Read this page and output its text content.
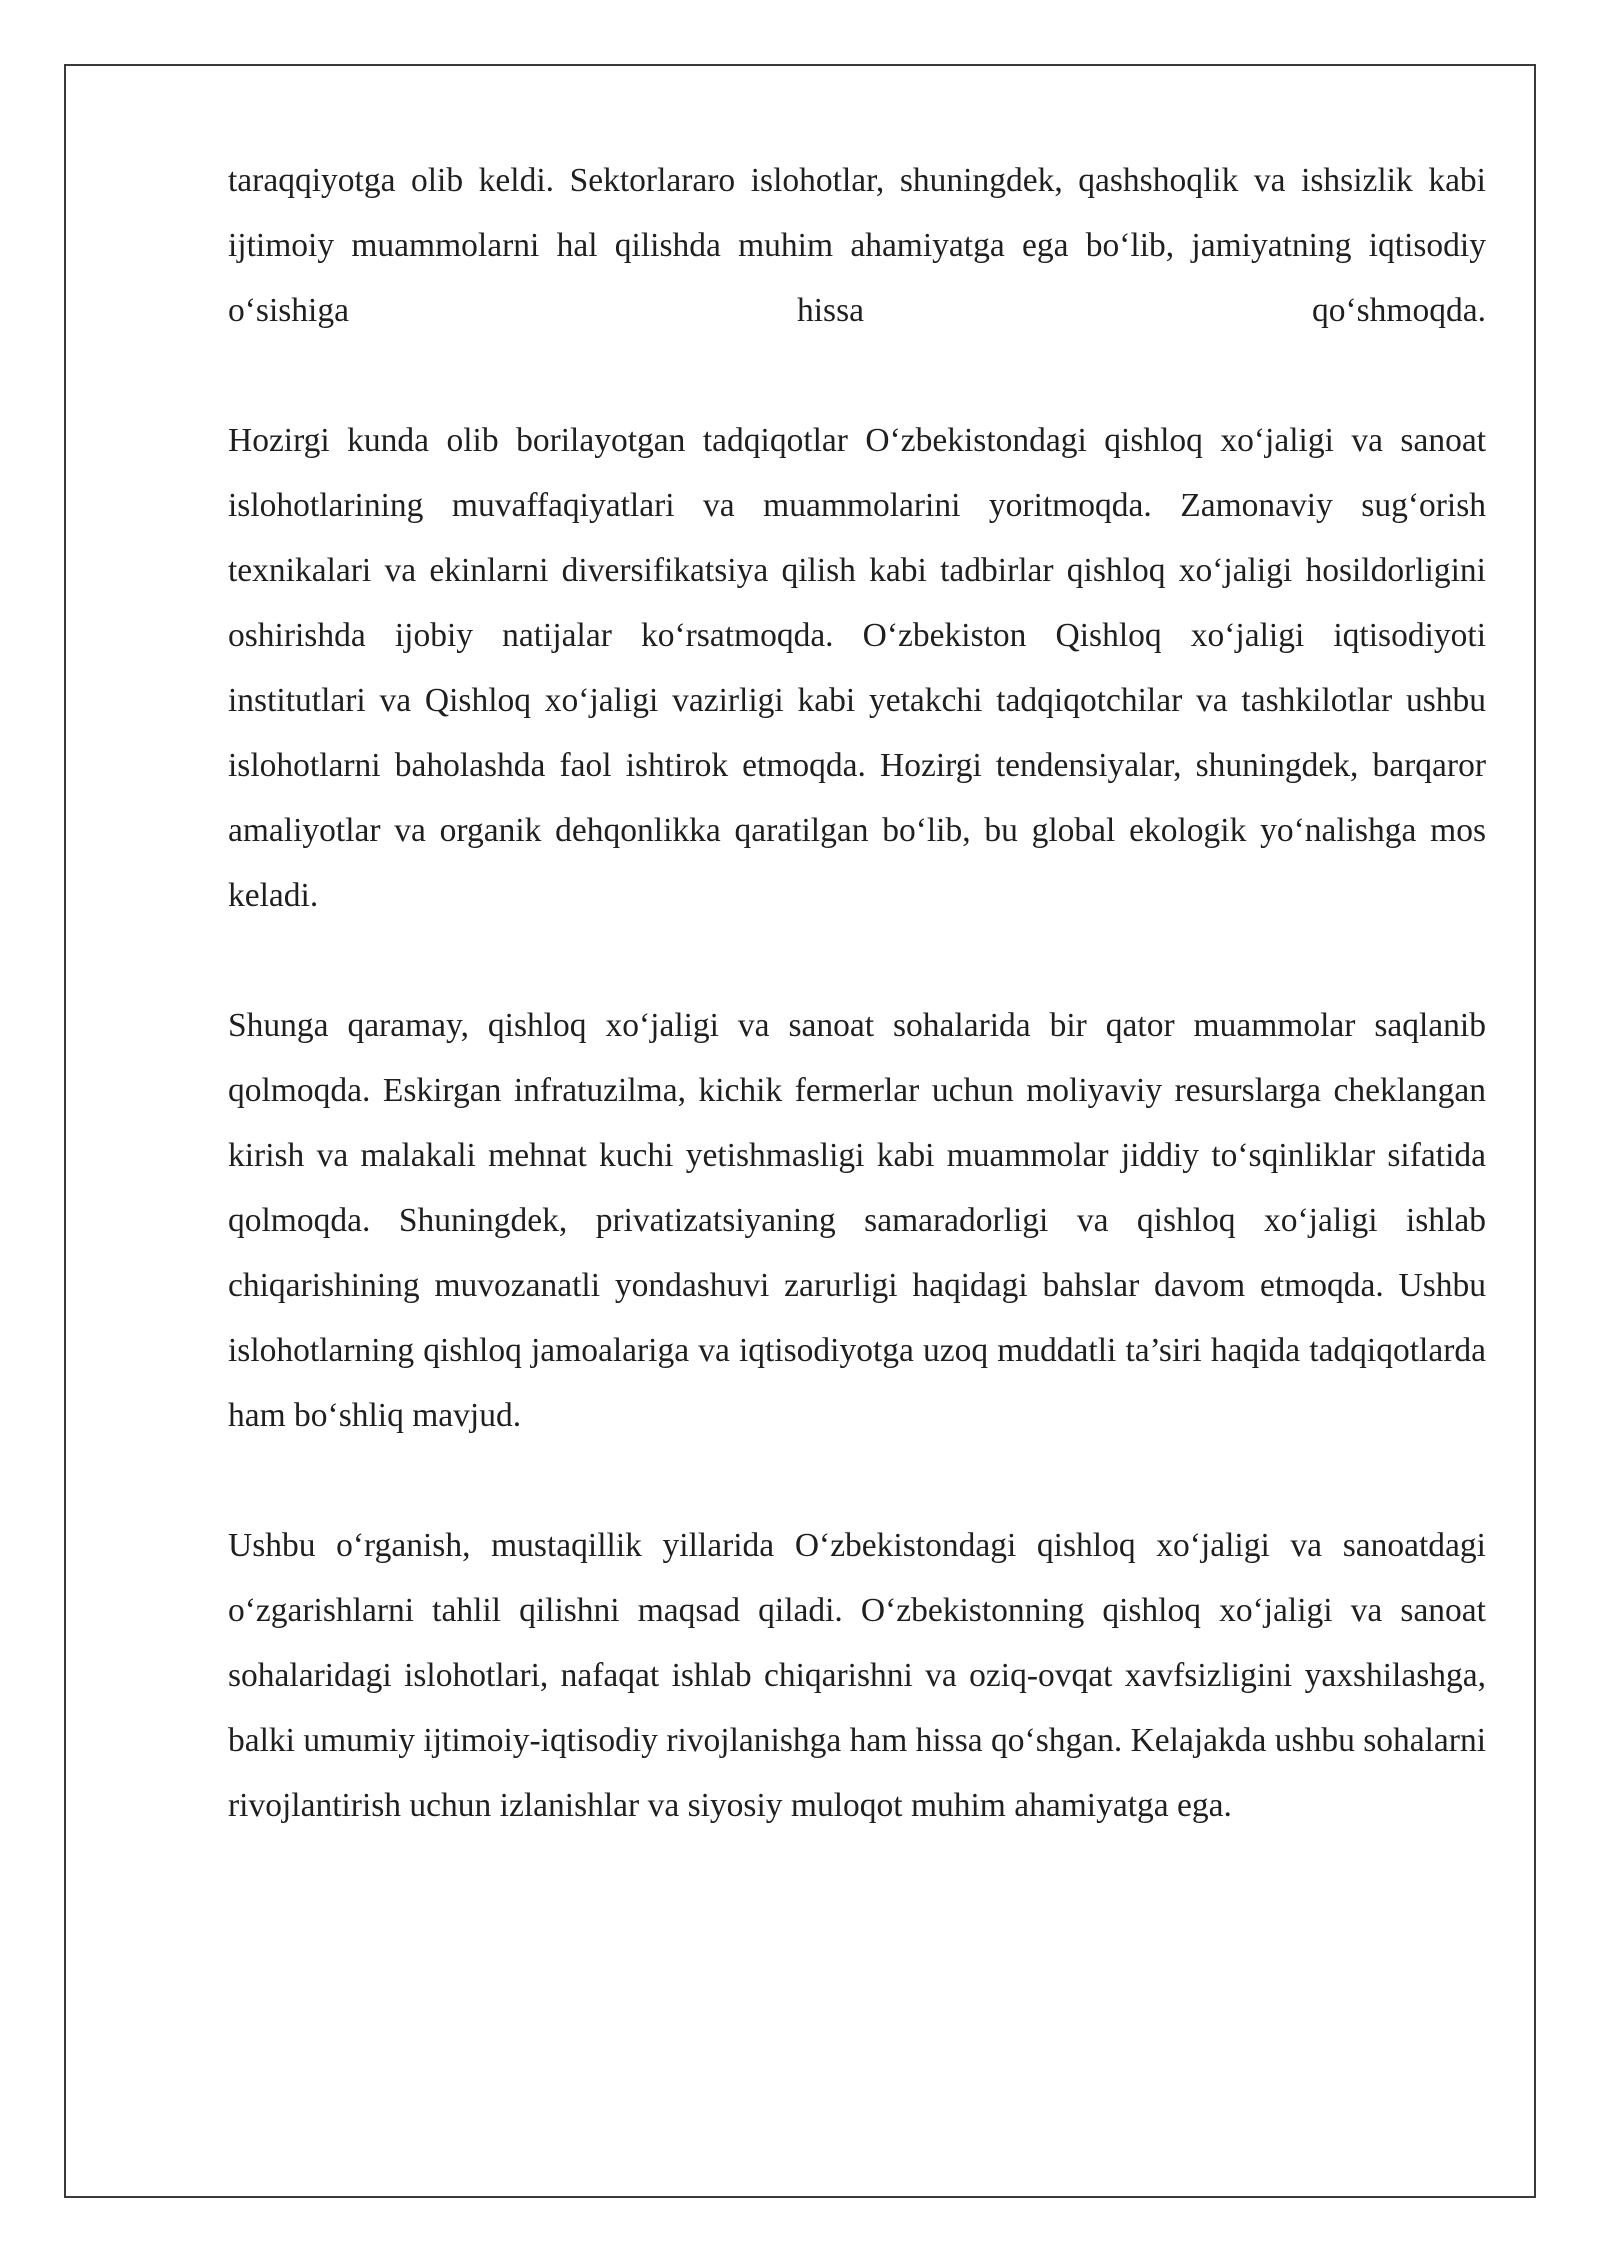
taraqqiyotga olib keldi. Sektorlararo islohotlar, shuningdek, qashshoqlik va ishsizlik kabi ijtimoiy muammolarni hal qilishda muhim ahamiyatga ega bo‘lib, jamiyatning iqtisodiy o‘sishiga hissa qo‘shmoqda.

Hozirgi kunda olib borilayotgan tadqiqotlar O‘zbekistondagi qishloq xo‘jaligi va sanoat islohotlarining muvaffaqiyatlari va muammolarini yoritmoqda. Zamonaviy sug‘orish texnikalari va ekinlarni diversifikatsiya qilish kabi tadbirlar qishloq xo‘jaligi hosildorligini oshirishda ijobiy natijalar ko‘rsatmoqda. O‘zbekiston Qishloq xo‘jaligi iqtisodiyoti institutlari va Qishloq xo‘jaligi vazirligi kabi yetakchi tadqiqotchilar va tashkilotlar ushbu islohotlarni baholashda faol ishtirok etmoqda. Hozirgi tendensiyalar, shuningdek, barqaror amaliyotlar va organik dehqonlikka qaratilgan bo‘lib, bu global ekologik yo‘nalishga mos keladi.

Shunga qaramay, qishloq xo‘jaligi va sanoat sohalarida bir qator muammolar saqlanib qolmoqda. Eskirgan infratuzilma, kichik fermerlar uchun moliyaviy resurslarga cheklangan kirish va malakali mehnat kuchi yetishmasligi kabi muammolar jiddiy to‘sqinliklar sifatida qolmoqda. Shuningdek, privatizatsiyaning samaradorligi va qishloq xo‘jaligi ishlab chiqarishining muvozanatli yondashuvi zarurligi haqidagi bahslar davom etmoqda. Ushbu islohotlarning qishloq jamoalariga va iqtisodiyotga uzoq muddatli ta’siri haqida tadqiqotlarda ham bo‘shliq mavjud.

Ushbu o‘rganish, mustaqillik yillarida O‘zbekistondagi qishloq xo‘jaligi va sanoatdagi o‘zgarishlarni tahlil qilishni maqsad qiladi. O‘zbekistonning qishloq xo‘jaligi va sanoat sohalaridagi islohotlari, nafaqat ishlab chiqarishni va oziq-ovqat xavfsizligini yaxshilashga, balki umumiy ijtimoiy-iqtisodiy rivojlanishga ham hissa qo‘shgan. Kelajakda ushbu sohalarni rivojlantirish uchun izlanishlar va siyosiy muloqot muhim ahamiyatga ega.
